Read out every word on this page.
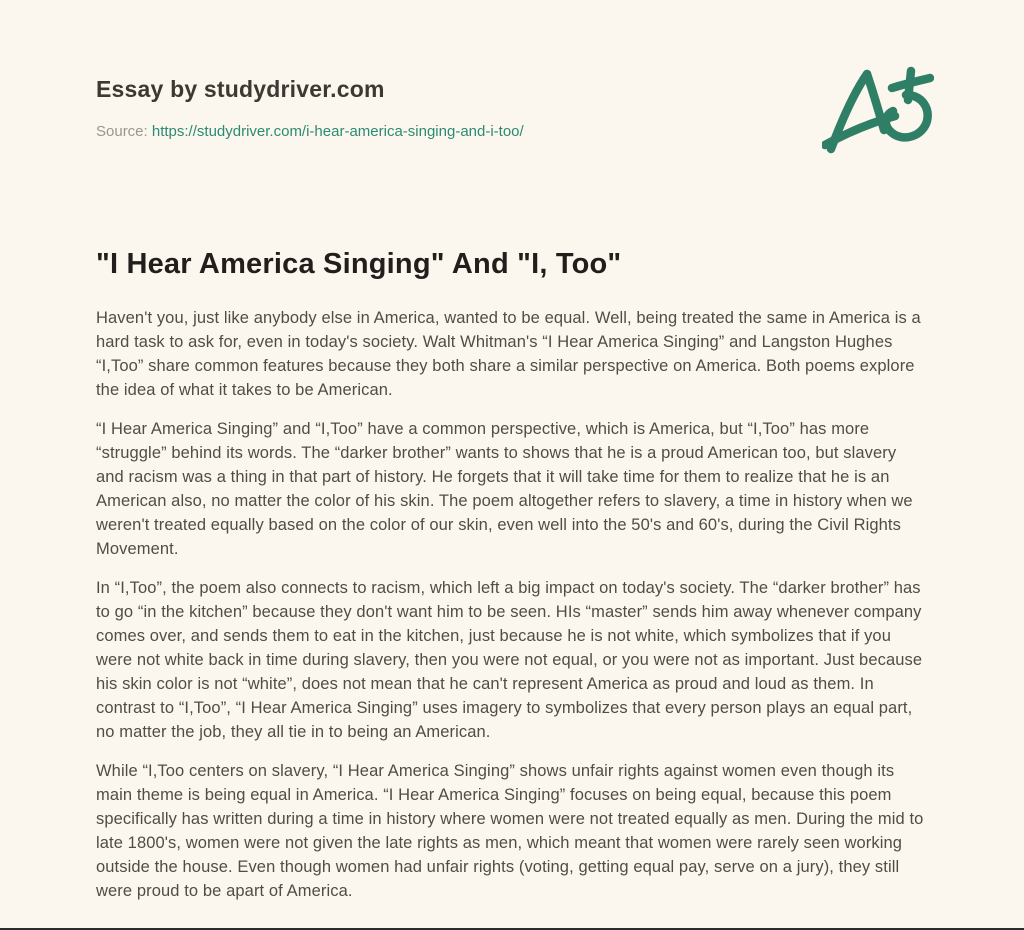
Essay by studydriver.com
Source: https://studydriver.com/i-hear-america-singing-and-i-too/
"I Hear America Singing" And "I, Too"

Haven't you, just like anybody else in America, wanted to be equal. Well, being treated the same in America is a hard task to ask for, even in today's society. Walt Whitman's “I Hear America Singing” and Langston Hughes “I,Too” share common features because they both share a similar perspective on America. Both poems explore the idea of what it takes to be American.

“I Hear America Singing” and “I,Too” have a common perspective, which is America, but “I,Too” has more “struggle” behind its words. The “darker brother” wants to shows that he is a proud American too, but slavery and racism was a thing in that part of history. He forgets that it will take time for them to realize that he is an American also, no matter the color of his skin. The poem altogether refers to slavery, a time in history when we weren't treated equally based on the color of our skin, even well into the 50's and 60's, during the Civil Rights Movement.

In “I,Too”, the poem also connects to racism, which left a big impact on today's society. The “darker brother” has to go “in the kitchen” because they don't want him to be seen. HIs “master” sends him away whenever company comes over, and sends them to eat in the kitchen, just because he is not white, which symbolizes that if you were not white back in time during slavery, then you were not equal, or you were not as important. Just because his skin color is not “white”, does not mean that he can't represent America as proud and loud as them. In contrast to “I,Too”, “I Hear America Singing” uses imagery to symbolizes that every person plays an equal part, no matter the job, they all tie in to being an American.

While “I,Too centers on slavery, “I Hear America Singing” shows unfair rights against women even though its main theme is being equal in America. “I Hear America Singing” focuses on being equal, because this poem specifically has written during a time in history where women were not treated equally as men. During the mid to late 1800's, women were not given the late rights as men, which meant that women were rarely seen working outside the house. Even though women had unfair rights (voting, getting equal pay, serve on a jury), they still were proud to be apart of America.
